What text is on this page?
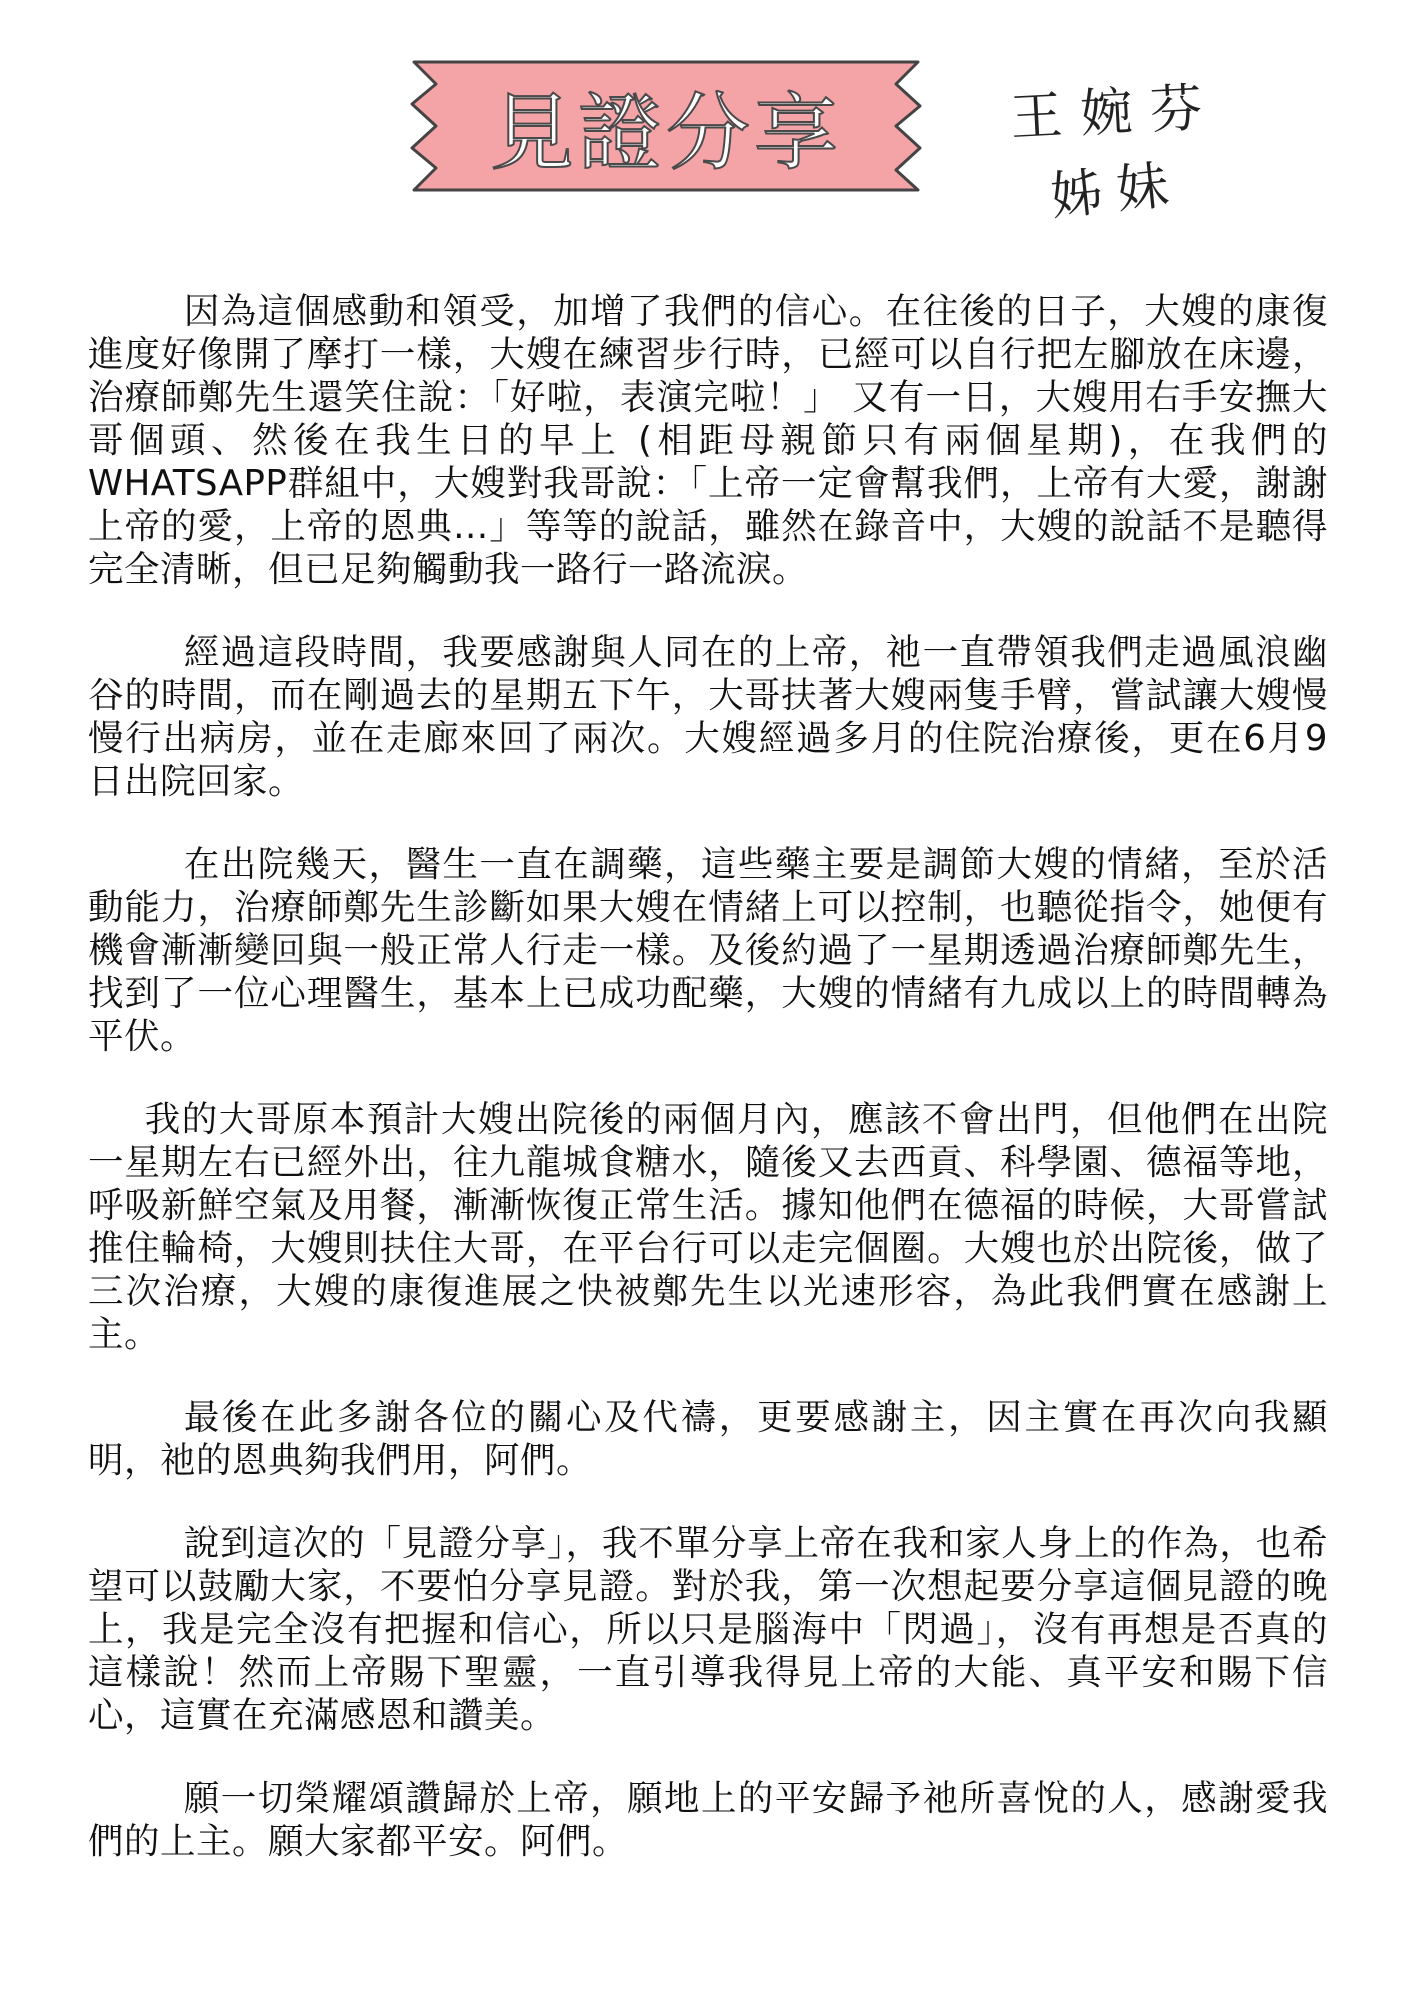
見證分享	王婉芬
姊妹

因為這個感動和領受，加增了我們的信心。在往後的日子，大嫂的康復進度好像開了摩打一樣，大嫂在練習步行時，已經可以自行把左腳放在床邊，治療師鄭先生還笑住說：「好啦，表演完啦！」 又有一日，大嫂用右手安撫大哥個頭、然後在我生日的早上 (相距母親節只有兩個星期)，在我們的WHATSAPP群組中，大嫂對我哥說：「上帝一定會幫我們，上帝有大愛，謝謝上帝的愛，上帝的恩典…」等等的說話，雖然在錄音中，大嫂的說話不是聽得完全清晰，但已足夠觸動我一路行一路流淚。

經過這段時間，我要感謝與人同在的上帝，祂一直帶領我們走過風浪幽谷的時間，而在剛過去的星期五下午，大哥扶著大嫂兩隻手臂，嘗試讓大嫂慢慢行出病房，並在走廊來回了兩次。大嫂經過多月的住院治療後，更在6月9 日出院回家。

在出院幾天，醫生一直在調藥，這些藥主要是調節大嫂的情緒，至於活動能力，治療師鄭先生診斷如果大嫂在情緒上可以控制，也聽從指令，她便有機會漸漸變回與一般正常人行走一樣。及後約過了一星期透過治療師鄭先生，找到了一位心理醫生，基本上已成功配藥，大嫂的情緒有九成以上的時間轉為平伏。

我的大哥原本預計大嫂出院後的兩個月內，應該不會出門，但他們在出院一星期左右已經外出，往九龍城食糖水，隨後又去西貢、科學園、德福等地，呼吸新鮮空氣及用餐，漸漸恢復正常生活。據知他們在德福的時候，大哥嘗試推住輪椅，大嫂則扶住大哥，在平台行可以走完個圈。大嫂也於出院後，做了三次治療，大嫂的康復進展之快被鄭先生以光速形容，為此我們實在感謝上主。

最後在此多謝各位的關心及代禱，更要感謝主，因主實在再次向我顯明，祂的恩典夠我們用，阿們。

說到這次的「見證分享」，我不單分享上帝在我和家人身上的作為，也希望可以鼓勵大家，不要怕分享見證。對於我，第一次想起要分享這個見證的晚上，我是完全沒有把握和信心，所以只是腦海中「閃過」，沒有再想是否真的這樣說！然而上帝賜下聖靈，一直引導我得見上帝的大能、真平安和賜下信心，這實在充滿感恩和讚美。

願一切榮耀頌讚歸於上帝，願地上的平安歸予祂所喜悅的人，感謝愛我們的上主。願大家都平安。阿們。
